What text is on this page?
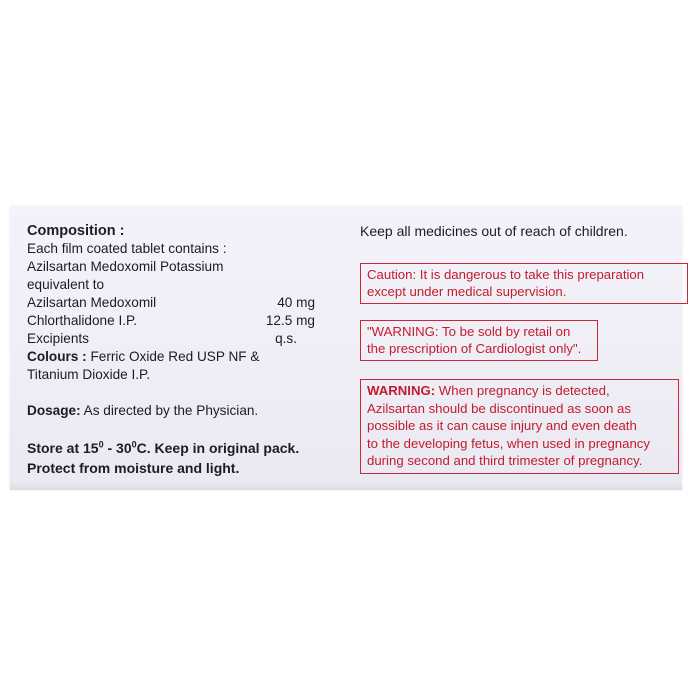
Composition :
Each film coated tablet contains :
Azilsartan Medoxomil Potassium
equivalent to
Azilsartan Medoxomil	40 mg
Chlorthalidone I.P.	12.5 mg
Excipients	q.s.
Colours : Ferric Oxide Red USP NF &
Titanium Dioxide I.P.
Dosage: As directed by the Physician.
Store at $15^0 - 30^0C$. Keep in original pack.
Protect from moisture and light.
Keep all medicines out of reach of children.
Caution: It is dangerous to take this preparation
except under medical supervision.
"WARNING: To be sold by retail on
the prescription of Cardiologist only".
WARNING: When pregnancy is detected,
Azilsartan should be discontinued as soon as
possible as it can cause injury and even death
to the developing fetus, when used in pregnancy
during second and third trimester of pregnancy.
